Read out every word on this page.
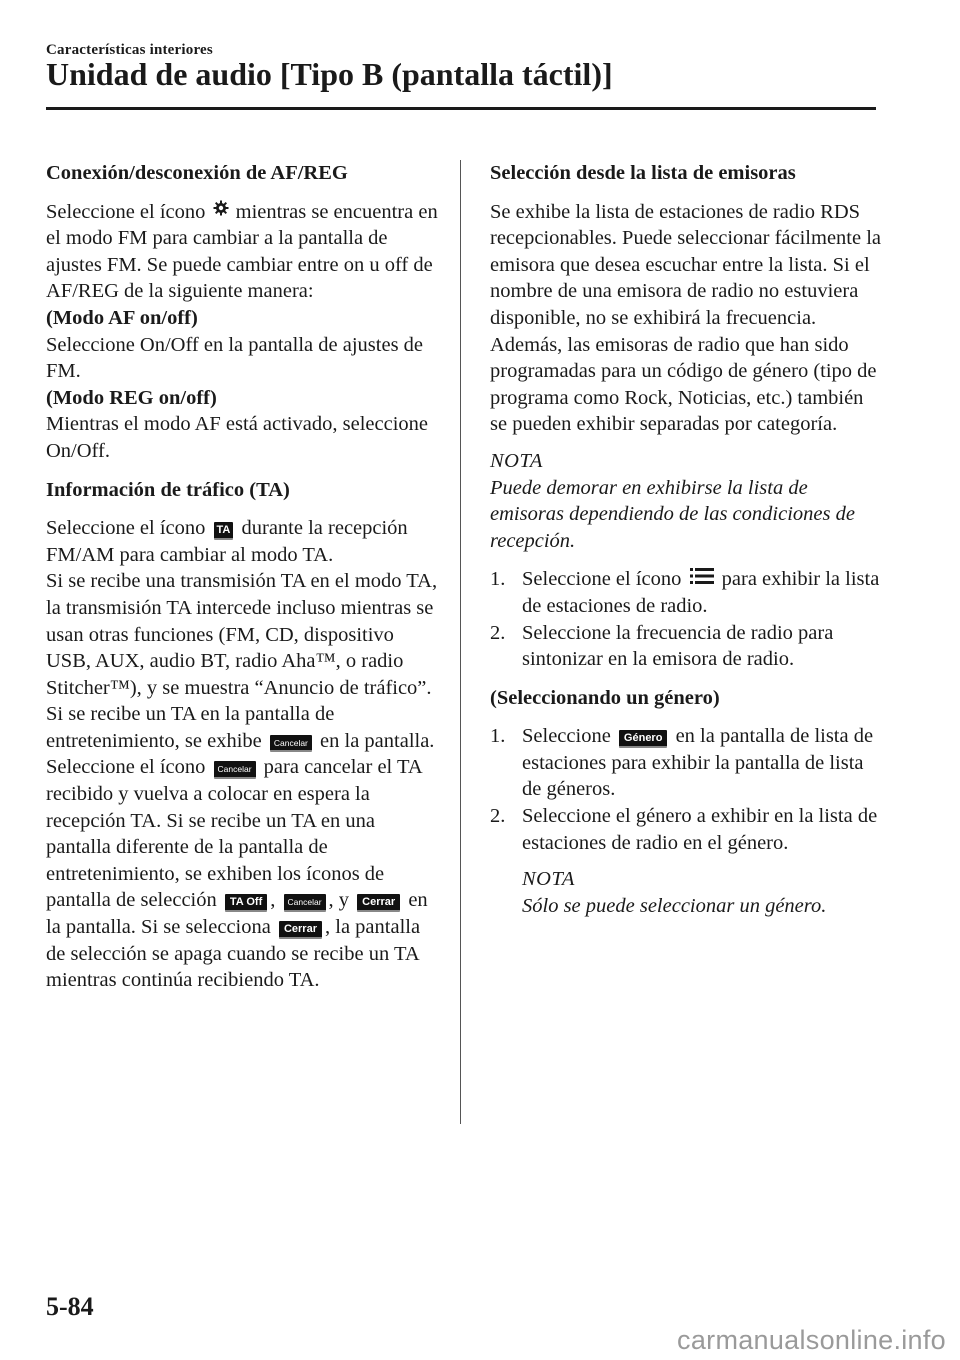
Características interiores
Unidad de audio [Tipo B (pantalla táctil)]

Conexión/desconexión de AF/REG

Seleccione el ícono mientras se encuentra en el modo FM para cambiar a la pantalla de ajustes FM. Se puede cambiar entre on u off de AF/REG de la siguiente manera:

(Modo AF on/off)

Seleccione On/Off en la pantalla de ajustes de FM.

(Modo REG on/off)

Mientras el modo AF está activado, seleccione On/Off.

Información de tráfico (TA)

Seleccione el ícono TA durante la recepción FM/AM para cambiar al modo TA.

Si se recibe una transmisión TA en el modo TA, la transmisión TA intercede incluso mientras se usan otras funciones (FM, CD, dispositivo USB, AUX, audio BT, radio Aha™, o radio Stitcher™), y se muestra “Anuncio de tráfico”.

Si se recibe un TA en la pantalla de entretenimiento, se exhibe Cancelar en la pantalla. Seleccione el ícono Cancelar para cancelar el TA recibido y vuelva a colocar en espera la recepción TA. Si se recibe un TA en una pantalla diferente de la pantalla de entretenimiento, se exhiben los íconos de pantalla de selección TA Off , Cancelar , y Cerrar en la pantalla. Si se selecciona Cerrar , la pantalla de selección se apaga cuando se recibe un TA mientras continúa recibiendo TA.

Selección desde la lista de emisoras

Se exhibe la lista de estaciones de radio RDS recepcionables. Puede seleccionar fácilmente la emisora que desea escuchar entre la lista. Si el nombre de una emisora de radio no estuviera disponible, no se exhibirá la frecuencia. Además, las emisoras de radio que han sido programadas para un código de género (tipo de programa como Rock, Noticias, etc.) también se pueden exhibir separadas por categoría.

NOTA

Puede demorar en exhibirse la lista de emisoras dependiendo de las condiciones de recepción.

1. Seleccione el ícono para exhibir la lista de estaciones de radio.
2. Seleccione la frecuencia de radio para sintonizar en la emisora de radio.

(Seleccionando un género)

1. Seleccione Género en la pantalla de lista de estaciones para exhibir la pantalla de lista de géneros.
2. Seleccione el género a exhibir en la lista de estaciones de radio en el género.

NOTA

Sólo se puede seleccionar un género.

5-84
carmanualsonline.info
